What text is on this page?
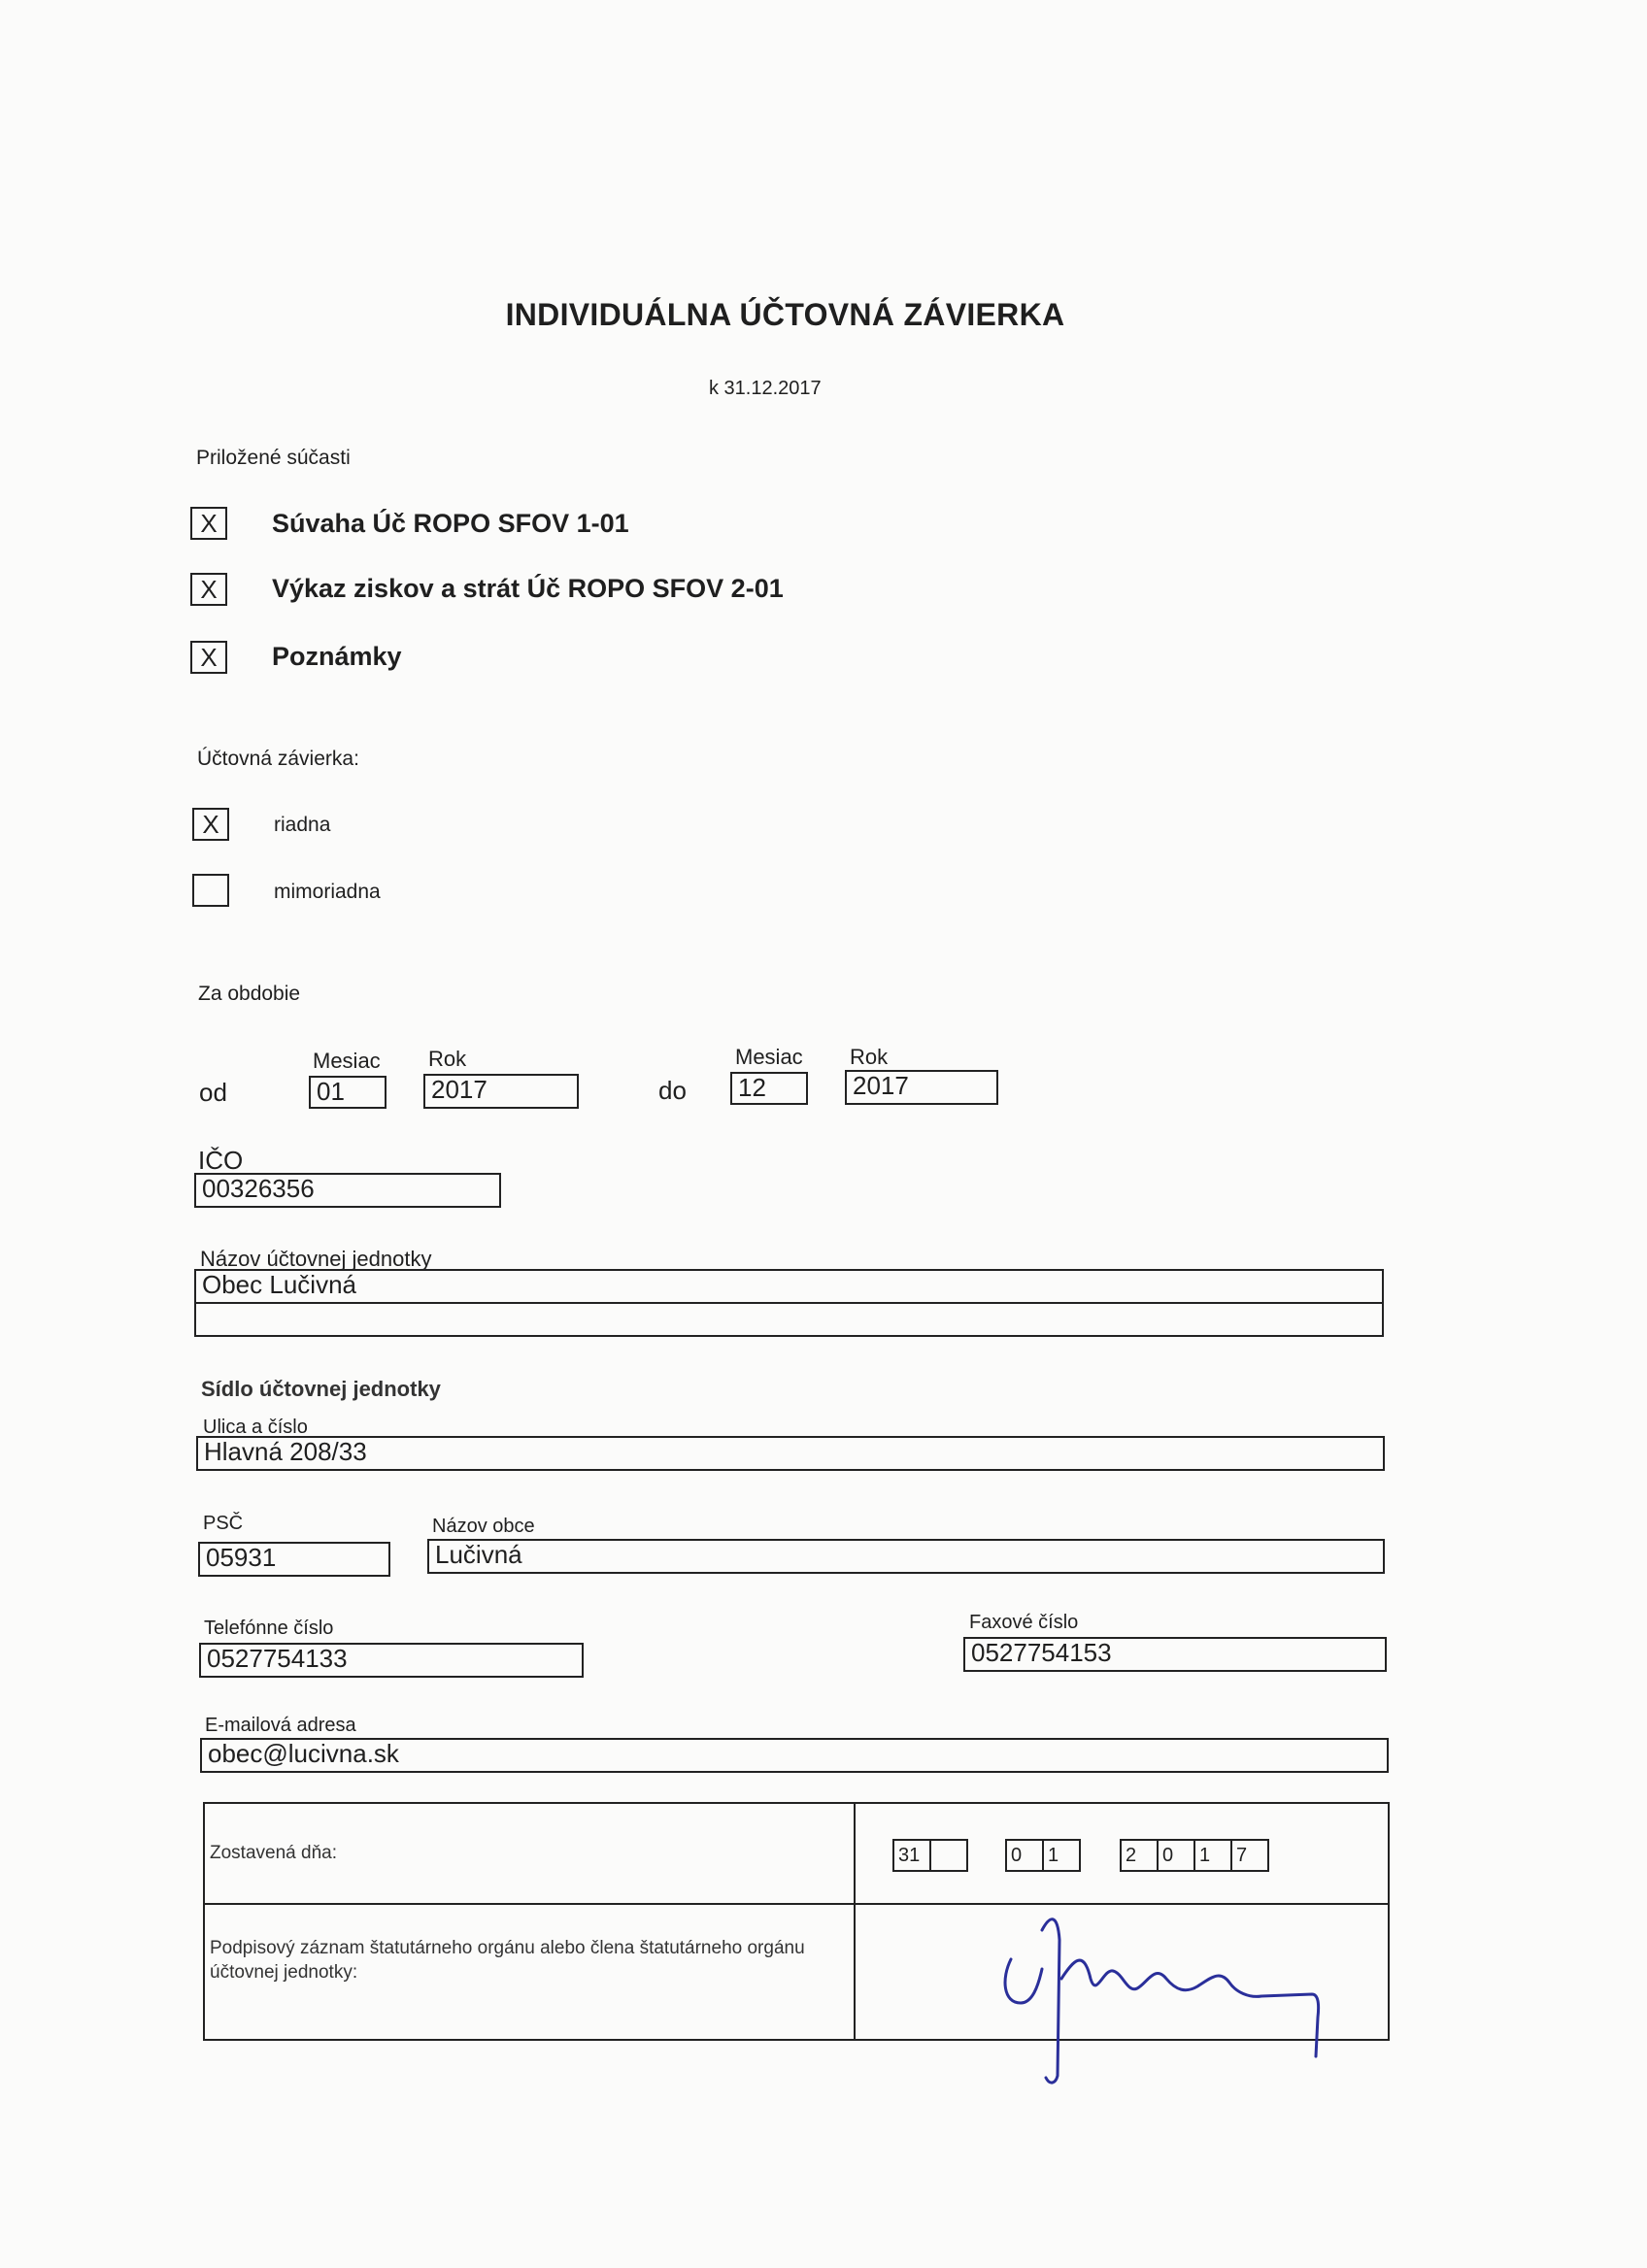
INDIVIDUÁLNA ÚČTOVNÁ ZÁVIERKA
k 31.12.2017
Priložené súčasti
X	Súvaha Úč ROPO SFOV 1-01
X	Výkaz ziskov a strát Úč ROPO SFOV 2-01
X	Poznámky
Účtovná závierka:
X	riadna
mimoriadna
Za obdobie
Mesiac Rok
od	01	2017
Mesiac Rok
do	12	2017
IČO
00326356
Názov účtovnej jednotky
Obec Lučivná
Sídlo účtovnej jednotky
Ulica a číslo
Hlavná 208/33
PSČ
05931
Názov obce
Lučivná
Telefónne číslo
0527754133
Faxové číslo
0527754153
E-mailová adresa
obec@lucivna.sk
Zostavená dňa:	31	0	1	2	0	1	7
Podpisový záznam štatutárneho orgánu alebo člena štatutárneho orgánu účtovnej jednotky:
